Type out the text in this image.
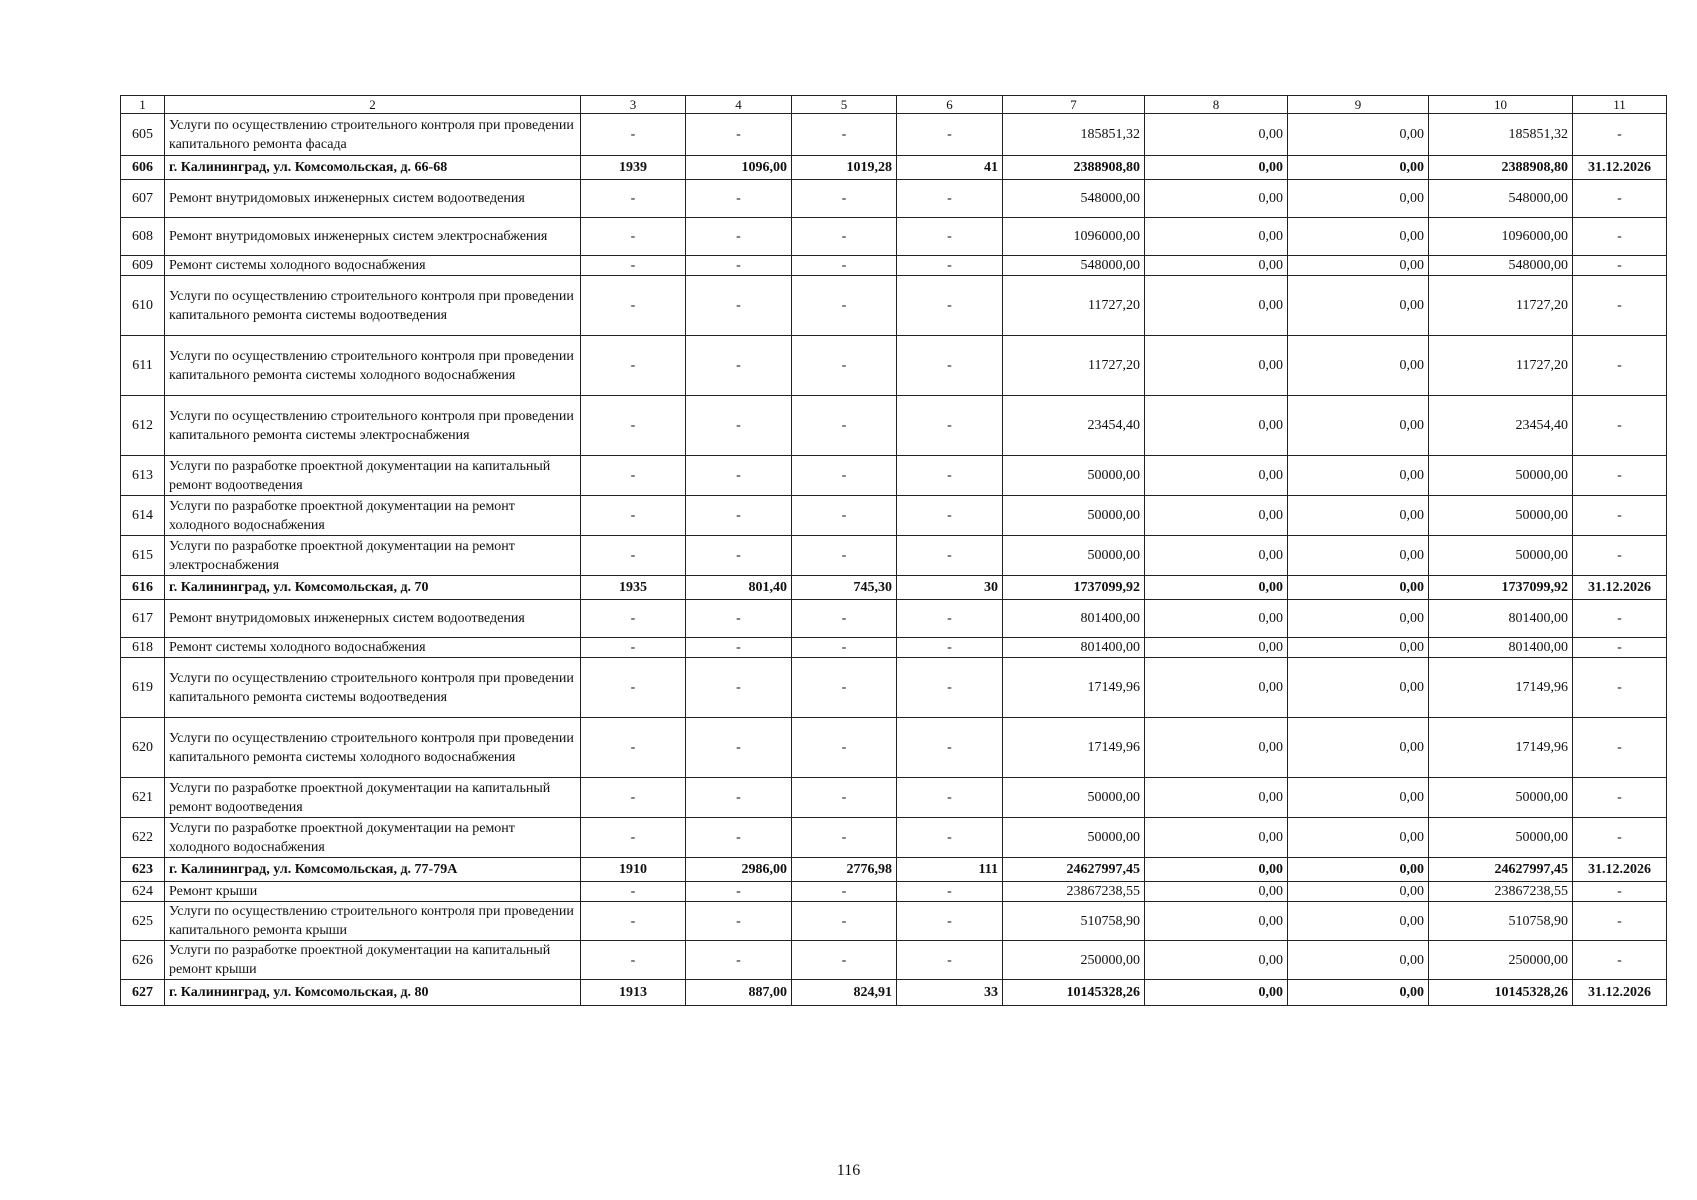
1	2	3	4	5	6	7	8	9	10	11
605	Услуги по осуществлению строительного контроля при проведении капитального ремонта фасада	-	-	-	-	185851,32	0,00	0,00	185851,32	-
606	г. Калининград, ул. Комсомольская, д. 66-68	1939	1096,00	1019,28	41	2388908,80	0,00	0,00	2388908,80	31.12.2026
607	Ремонт внутридомовых инженерных систем водоотведения	-	-	-	-	548000,00	0,00	0,00	548000,00	-
608	Ремонт внутридомовых инженерных систем электроснабжения	-	-	-	-	1096000,00	0,00	0,00	1096000,00	-
609	Ремонт системы холодного водоснабжения	-	-	-	-	548000,00	0,00	0,00	548000,00	-
610	Услуги по осуществлению строительного контроля при проведении капитального ремонта системы водоотведения	-	-	-	-	11727,20	0,00	0,00	11727,20	-
611	Услуги по осуществлению строительного контроля при проведении капитального ремонта системы холодного водоснабжения	-	-	-	-	11727,20	0,00	0,00	11727,20	-
612	Услуги по осуществлению строительного контроля при проведении капитального ремонта системы электроснабжения	-	-	-	-	23454,40	0,00	0,00	23454,40	-
613	Услуги по разработке проектной документации на капитальный ремонт водоотведения	-	-	-	-	50000,00	0,00	0,00	50000,00	-
614	Услуги по разработке проектной документации на ремонт холодного водоснабжения	-	-	-	-	50000,00	0,00	0,00	50000,00	-
615	Услуги по разработке проектной документации на ремонт электроснабжения	-	-	-	-	50000,00	0,00	0,00	50000,00	-
616	г. Калининград, ул. Комсомольская, д. 70	1935	801,40	745,30	30	1737099,92	0,00	0,00	1737099,92	31.12.2026
617	Ремонт внутридомовых инженерных систем водоотведения	-	-	-	-	801400,00	0,00	0,00	801400,00	-
618	Ремонт системы холодного водоснабжения	-	-	-	-	801400,00	0,00	0,00	801400,00	-
619	Услуги по осуществлению строительного контроля при проведении капитального ремонта системы водоотведения	-	-	-	-	17149,96	0,00	0,00	17149,96	-
620	Услуги по осуществлению строительного контроля при проведении капитального ремонта системы холодного водоснабжения	-	-	-	-	17149,96	0,00	0,00	17149,96	-
621	Услуги по разработке проектной документации на капитальный ремонт водоотведения	-	-	-	-	50000,00	0,00	0,00	50000,00	-
622	Услуги по разработке проектной документации на ремонт холодного водоснабжения	-	-	-	-	50000,00	0,00	0,00	50000,00	-
623	г. Калининград, ул. Комсомольская, д. 77-79А	1910	2986,00	2776,98	111	24627997,45	0,00	0,00	24627997,45	31.12.2026
624	Ремонт крыши	-	-	-	-	23867238,55	0,00	0,00	23867238,55	-
625	Услуги по осуществлению строительного контроля при проведении капитального ремонта крыши	-	-	-	-	510758,90	0,00	0,00	510758,90	-
626	Услуги по разработке проектной документации на капитальный ремонт крыши	-	-	-	-	250000,00	0,00	0,00	250000,00	-
627	г. Калининград, ул. Комсомольская, д. 80	1913	887,00	824,91	33	10145328,26	0,00	0,00	10145328,26	31.12.2026
116
